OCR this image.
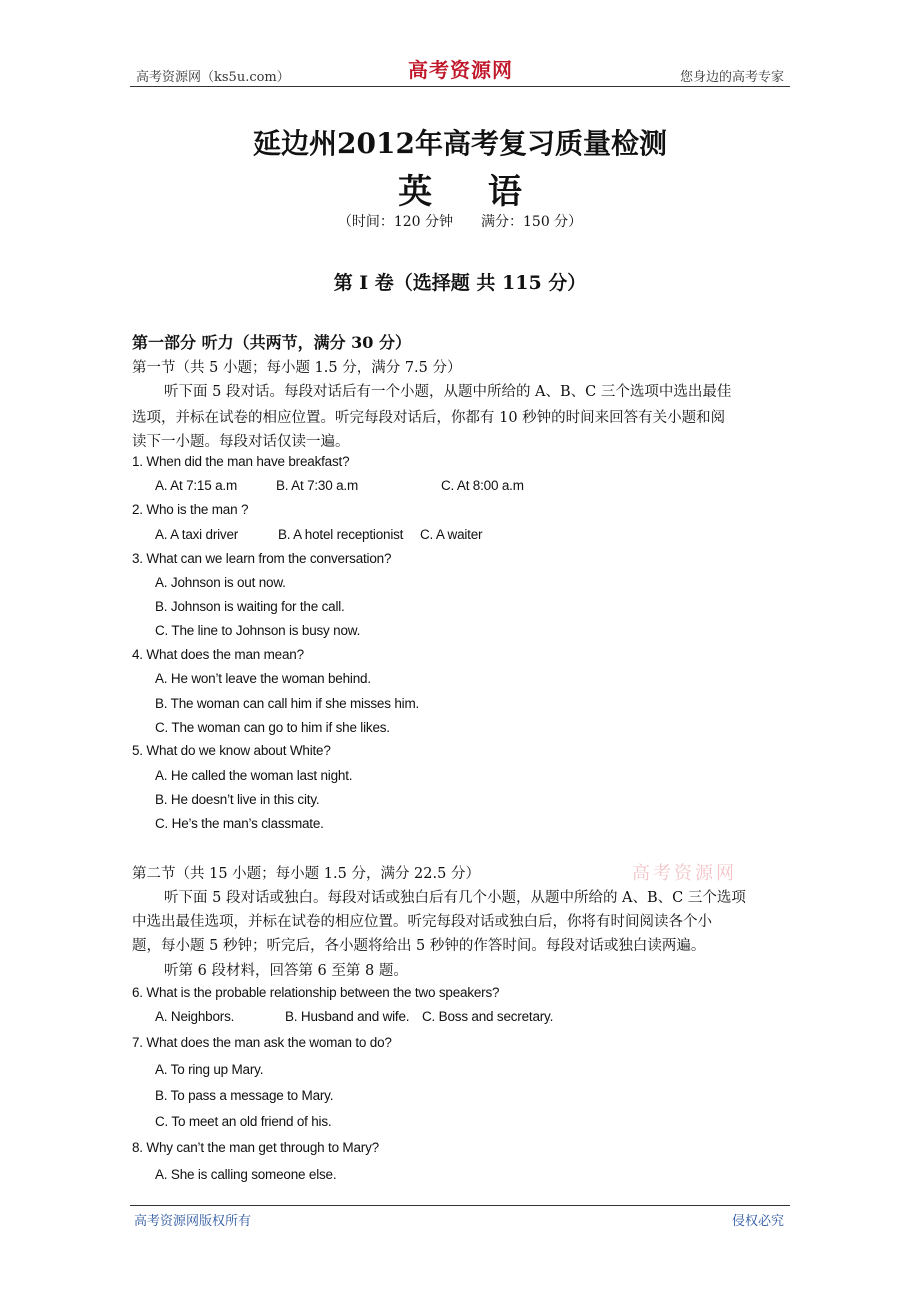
高考资源网（ks5u.com）	高考资源网	您身边的高考专家
延边州2012年高考复习质量检测
英 语
（时间：120 分钟　　满分：150 分）
第 I 卷（选择题 共 115 分）
第一部分 听力（共两节，满分 30 分）
第一节（共 5 小题；每小题 1.5 分，满分 7.5 分）
听下面 5 段对话。每段对话后有一个小题，从题中所给的 A、B、C 三个选项中选出最佳
选项，并标在试卷的相应位置。听完每段对话后，你都有 10 秒钟的时间来回答有关小题和阅
读下一小题。每段对话仅读一遍。
1. When did the man have breakfast?
A. At 7:15 a.m	B. At 7:30 a.m	C. At 8:00 a.m
2. Who is the man ?
A. A taxi driver	B. A hotel receptionist C. A waiter
3. What can we learn from the conversation?
A. Johnson is out now.
B. Johnson is waiting for the call.
C. The line to Johnson is busy now.
4. What does the man mean?
A. He won’t leave the woman behind.
B. The woman can call him if she misses him.
C. The woman can go to him if she likes.
5. What do we know about White?
A. He called the woman last night.
B. He doesn’t live in this city.
C. He’s the man’s classmate.
第二节（共 15 小题；每小题 1.5 分，满分 22.5 分）	高考资源网
听下面 5 段对话或独白。每段对话或独白后有几个小题，从题中所给的 A、B、C 三个选项
中选出最佳选项，并标在试卷的相应位置。听完每段对话或独白后，你将有时间阅读各个小
题，每小题 5 秒钟；听完后，各小题将给出 5 秒钟的作答时间。每段对话或独白读两遍。
听第 6 段材料，回答第 6 至第 8 题。
6. What is the probable relationship between the two speakers?
A. Neighbors.	B. Husband and wife. C. Boss and secretary.
7. What does the man ask the woman to do?
A. To ring up Mary.
B. To pass a message to Mary.
C. To meet an old friend of his.
8. Why can’t the man get through to Mary?
A. She is calling someone else.
高考资源网版权所有	侵权必究
